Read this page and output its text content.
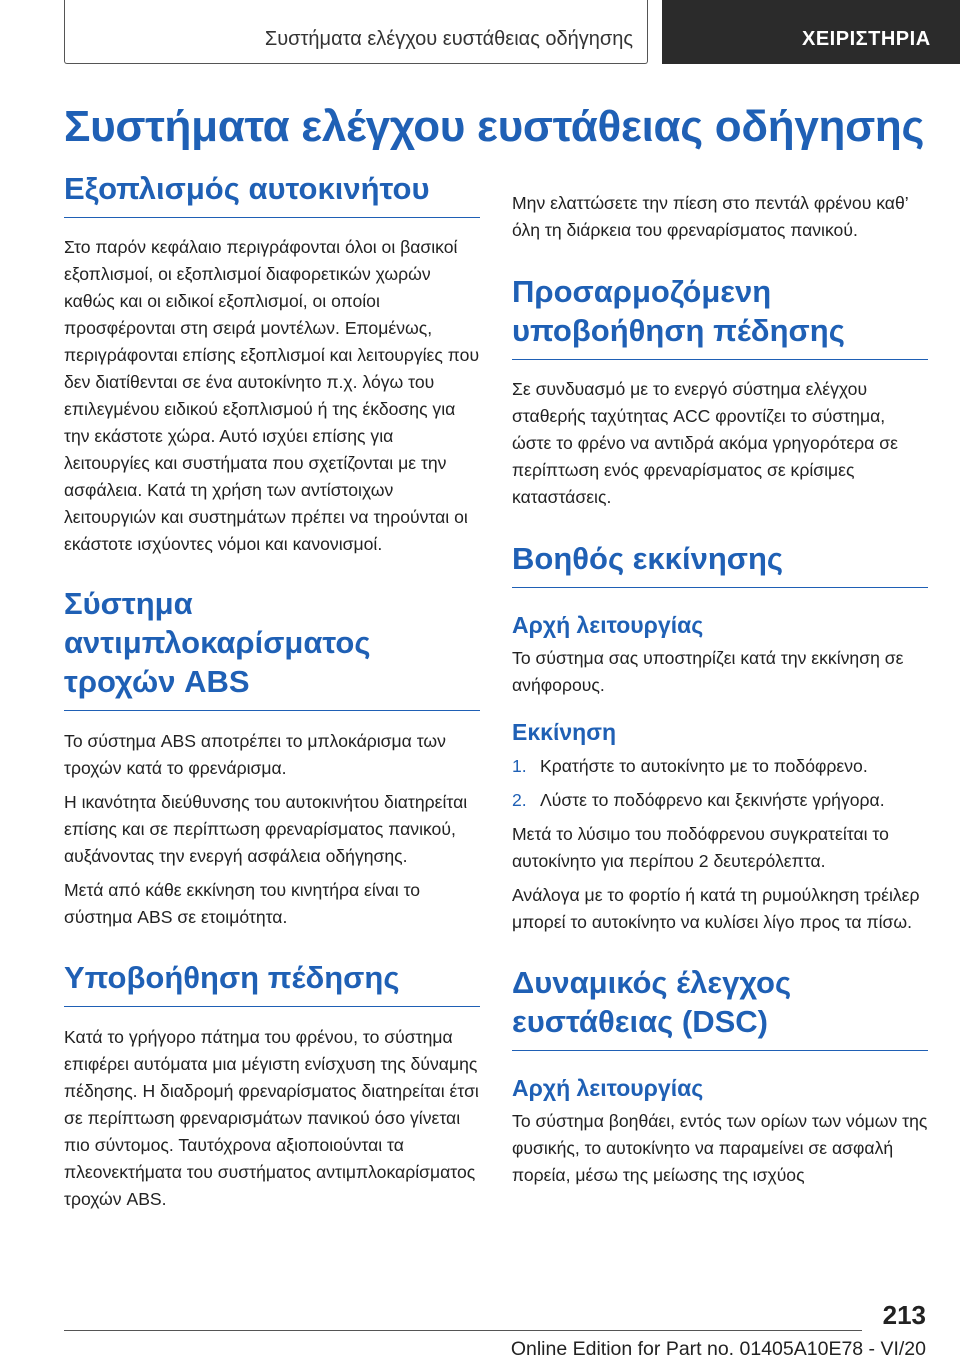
Συστήματα ελέγχου ευστάθειας οδήγησης	ΧΕΙΡΙΣΤΗΡΙΑ
Συστήματα ελέγχου ευστάθειας οδήγησης
Εξοπλισμός αυτοκινήτου

Στο παρόν κεφάλαιο περιγράφονται όλοι οι βασικοί εξοπλισμοί, οι εξοπλισμοί διαφορετικών χωρών καθώς και οι ειδικοί εξοπλισμοί, οι οποίοι προσφέρονται στη σειρά μοντέλων. Επομένως, περιγράφονται επίσης εξοπλισμοί και λειτουργίες που δεν διατίθενται σε ένα αυτοκίνητο π.χ. λόγω του επιλεγμένου ειδικού εξοπλισμού ή της έκδοσης για την εκάστοτε χώρα. Αυτό ισχύει επίσης για λειτουργίες και συστήματα που σχετίζονται με την ασφάλεια. Κατά τη χρήση των αντίστοιχων λειτουργιών και συστημάτων πρέπει να τηρούνται οι εκάστοτε ισχύοντες νόμοι και κανονισμοί.

Σύστημα αντιμπλοκαρίσματος τροχών ABS

Το σύστημα ABS αποτρέπει το μπλοκάρισμα των τροχών κατά το φρενάρισμα.

Η ικανότητα διεύθυνσης του αυτοκινήτου διατηρείται επίσης και σε περίπτωση φρεναρίσματος πανικού, αυξάνοντας την ενεργή ασφάλεια οδήγησης.

Μετά από κάθε εκκίνηση του κινητήρα είναι το σύστημα ABS σε ετοιμότητα.

Υποβοήθηση πέδησης

Κατά το γρήγορο πάτημα του φρένου, το σύστημα επιφέρει αυτόματα μια μέγιστη ενίσχυση της δύναμης πέδησης. Η διαδρομή φρεναρίσματος διατηρείται έτσι σε περίπτωση φρεναρισμάτων πανικού όσο γίνεται πιο σύντομος. Ταυτόχρονα αξιοποιούνται τα πλεονεκτήματα του συστήματος αντιμπλοκαρίσματος τροχών ABS.

Μην ελαττώσετε την πίεση στο πεντάλ φρένου καθ’ όλη τη διάρκεια του φρεναρίσματος πανικού.

Προσαρμοζόμενη υποβοήθηση πέδησης

Σε συνδυασμό με το ενεργό σύστημα ελέγχου σταθερής ταχύτητας ACC φροντίζει το σύστημα, ώστε το φρένο να αντιδρά ακόμα γρηγορότερα σε περίπτωση ενός φρεναρίσματος σε κρίσιμες καταστάσεις.

Βοηθός εκκίνησης
Αρχή λειτουργίας

Το σύστημα σας υποστηρίζει κατά την εκκίνηση σε ανήφορους.

Εκκίνηση
1. Κρατήστε το αυτοκίνητο με το ποδόφρενο.
2. Λύστε το ποδόφρενο και ξεκινήστε γρήγορα.

Μετά το λύσιμο του ποδόφρενου συγκρατείται το αυτοκίνητο για περίπου 2 δευτερόλεπτα.

Ανάλογα με το φορτίο ή κατά τη ρυμούλκηση τρέιλερ μπορεί το αυτοκίνητο να κυλίσει λίγο προς τα πίσω.

Δυναμικός έλεγχος ευστάθειας (DSC)
Αρχή λειτουργίας

Το σύστημα βοηθάει, εντός των ορίων των νόμων της φυσικής, το αυτοκίνητο να παραμείνει σε ασφαλή πορεία, μέσω της μείωσης της ισχύος

213
Online Edition for Part no. 01405A10E78 - VI/20
